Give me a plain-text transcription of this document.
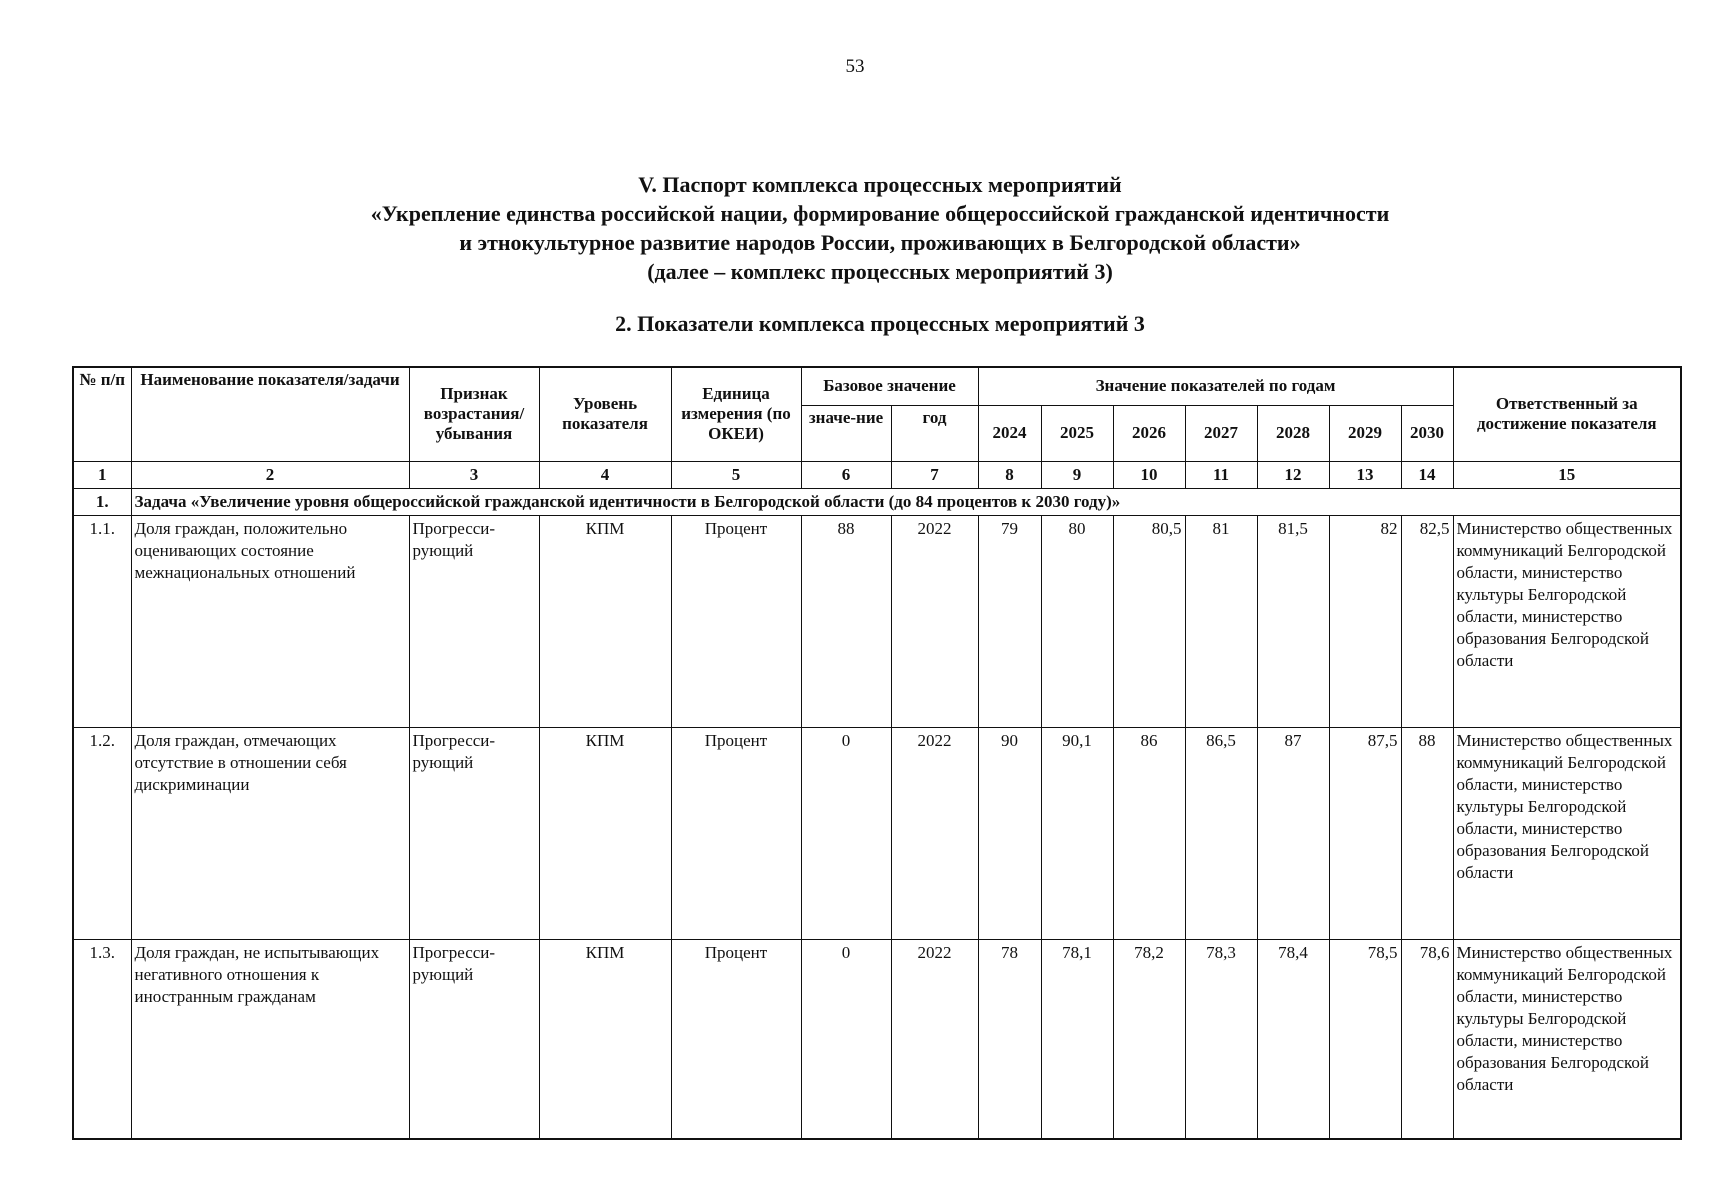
53
V. Паспорт комплекса процессных мероприятий
«Укрепление единства российской нации, формирование общероссийской гражданской идентичности
и этнокультурное развитие народов России, проживающих в Белгородской области»
(далее – комплекс процессных мероприятий 3)
2. Показатели комплекса процессных мероприятий 3
№ п/п	Наименование показателя/задачи	Признак возрастания/ убывания	Уровень показателя	Единица измерения (по ОКЕИ)	Базовое значение		Значение показателей по годам							Ответственный за достижение показателя
					значе-ние	год	2024	2025	2026	2027	2028	2029	2030	
1	2	3	4	5	6	7	8	9	10	11	12	13	14	15
1.	Задача «Увеличение уровня общероссийской гражданской идентичности в Белгородской области (до 84 процентов к 2030 году)»													
1.1.	Доля граждан, положительно оценивающих состояние межнациональных отношений	Прогресси-рующий	КПМ	Процент	88	2022	79	80	80,5	81	81,5	82	82,5	Министерство общественных коммуникаций Белгородской области, министерство культуры Белгородской области, министерство образования Белгородской области
1.2.	Доля граждан, отмечающих отсутствие в отношении себя дискриминации	Прогресси-рующий	КПМ	Процент	0	2022	90	90,1	86	86,5	87	87,5	88	Министерство общественных коммуникаций Белгородской области, министерство культуры Белгородской области, министерство образования Белгородской области
1.3.	Доля граждан, не испытывающих негативного отношения к иностранным гражданам	Прогресси-рующий	КПМ	Процент	0	2022	78	78,1	78,2	78,3	78,4	78,5	78,6	Министерство общественных коммуникаций Белгородской области, министерство культуры Белгородской области, министерство образования Белгородской области
